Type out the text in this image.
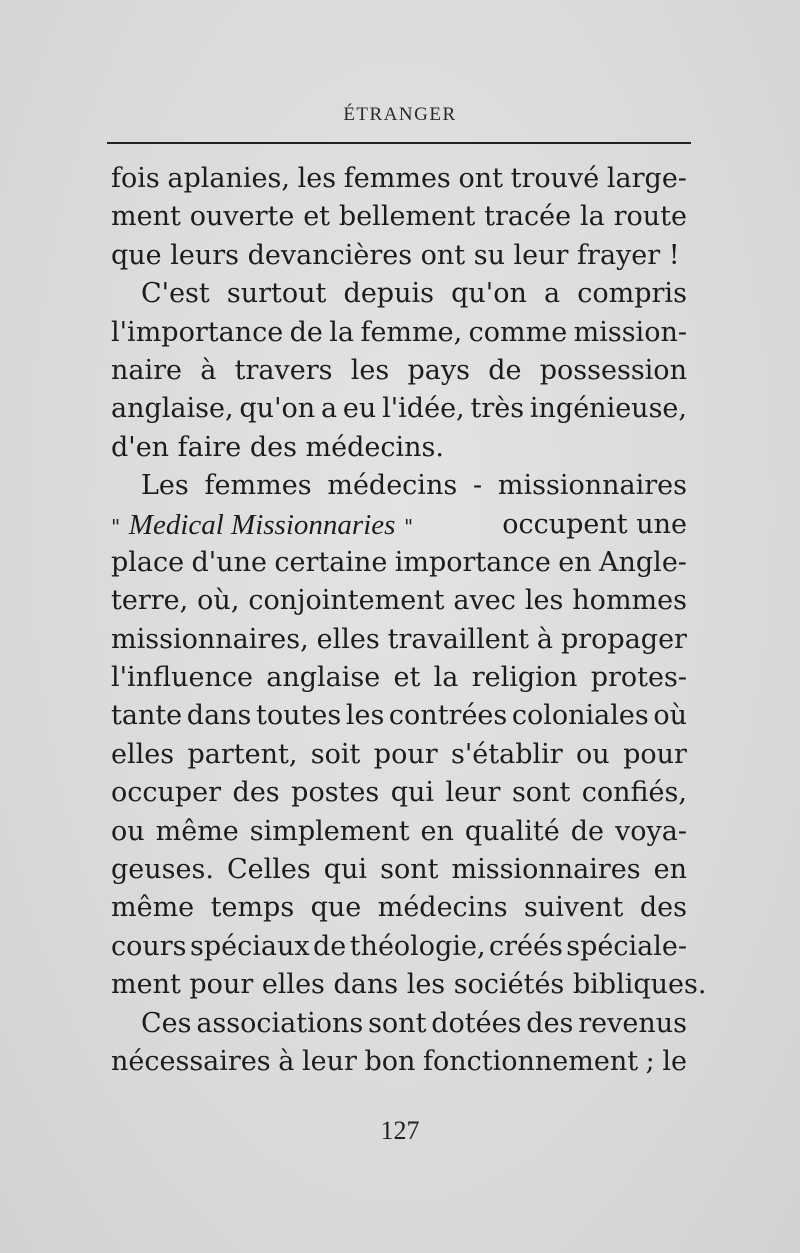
ÉTRANGER
fois aplanies, les femmes ont trouvé large-
ment ouverte et bellement tracée la route
que leurs devancières ont su leur frayer !
C'est surtout depuis qu'on a compris
l'importance de la femme, comme mission-
naire à travers les pays de possession
anglaise, qu'on a eu l'idée, très ingénieuse,
d'en faire des médecins.
Les femmes médecins - missionnaires
" Medical Missionnaries "	occupent une
place d'une certaine importance en Angle-
terre, où, conjointement avec les hommes
missionnaires, elles travaillent à propager
l'influence anglaise et la religion protes-
tante dans toutes les contrées coloniales où
elles partent, soit pour s'établir ou pour
occuper des postes qui leur sont confiés,
ou même simplement en qualité de voya-
geuses. Celles qui sont missionnaires en
même temps que médecins suivent des
cours spéciaux de théologie, créés spéciale-
ment pour elles dans les sociétés bibliques.
Ces associations sont dotées des revenus
nécessaires à leur bon fonctionnement ; le
127
